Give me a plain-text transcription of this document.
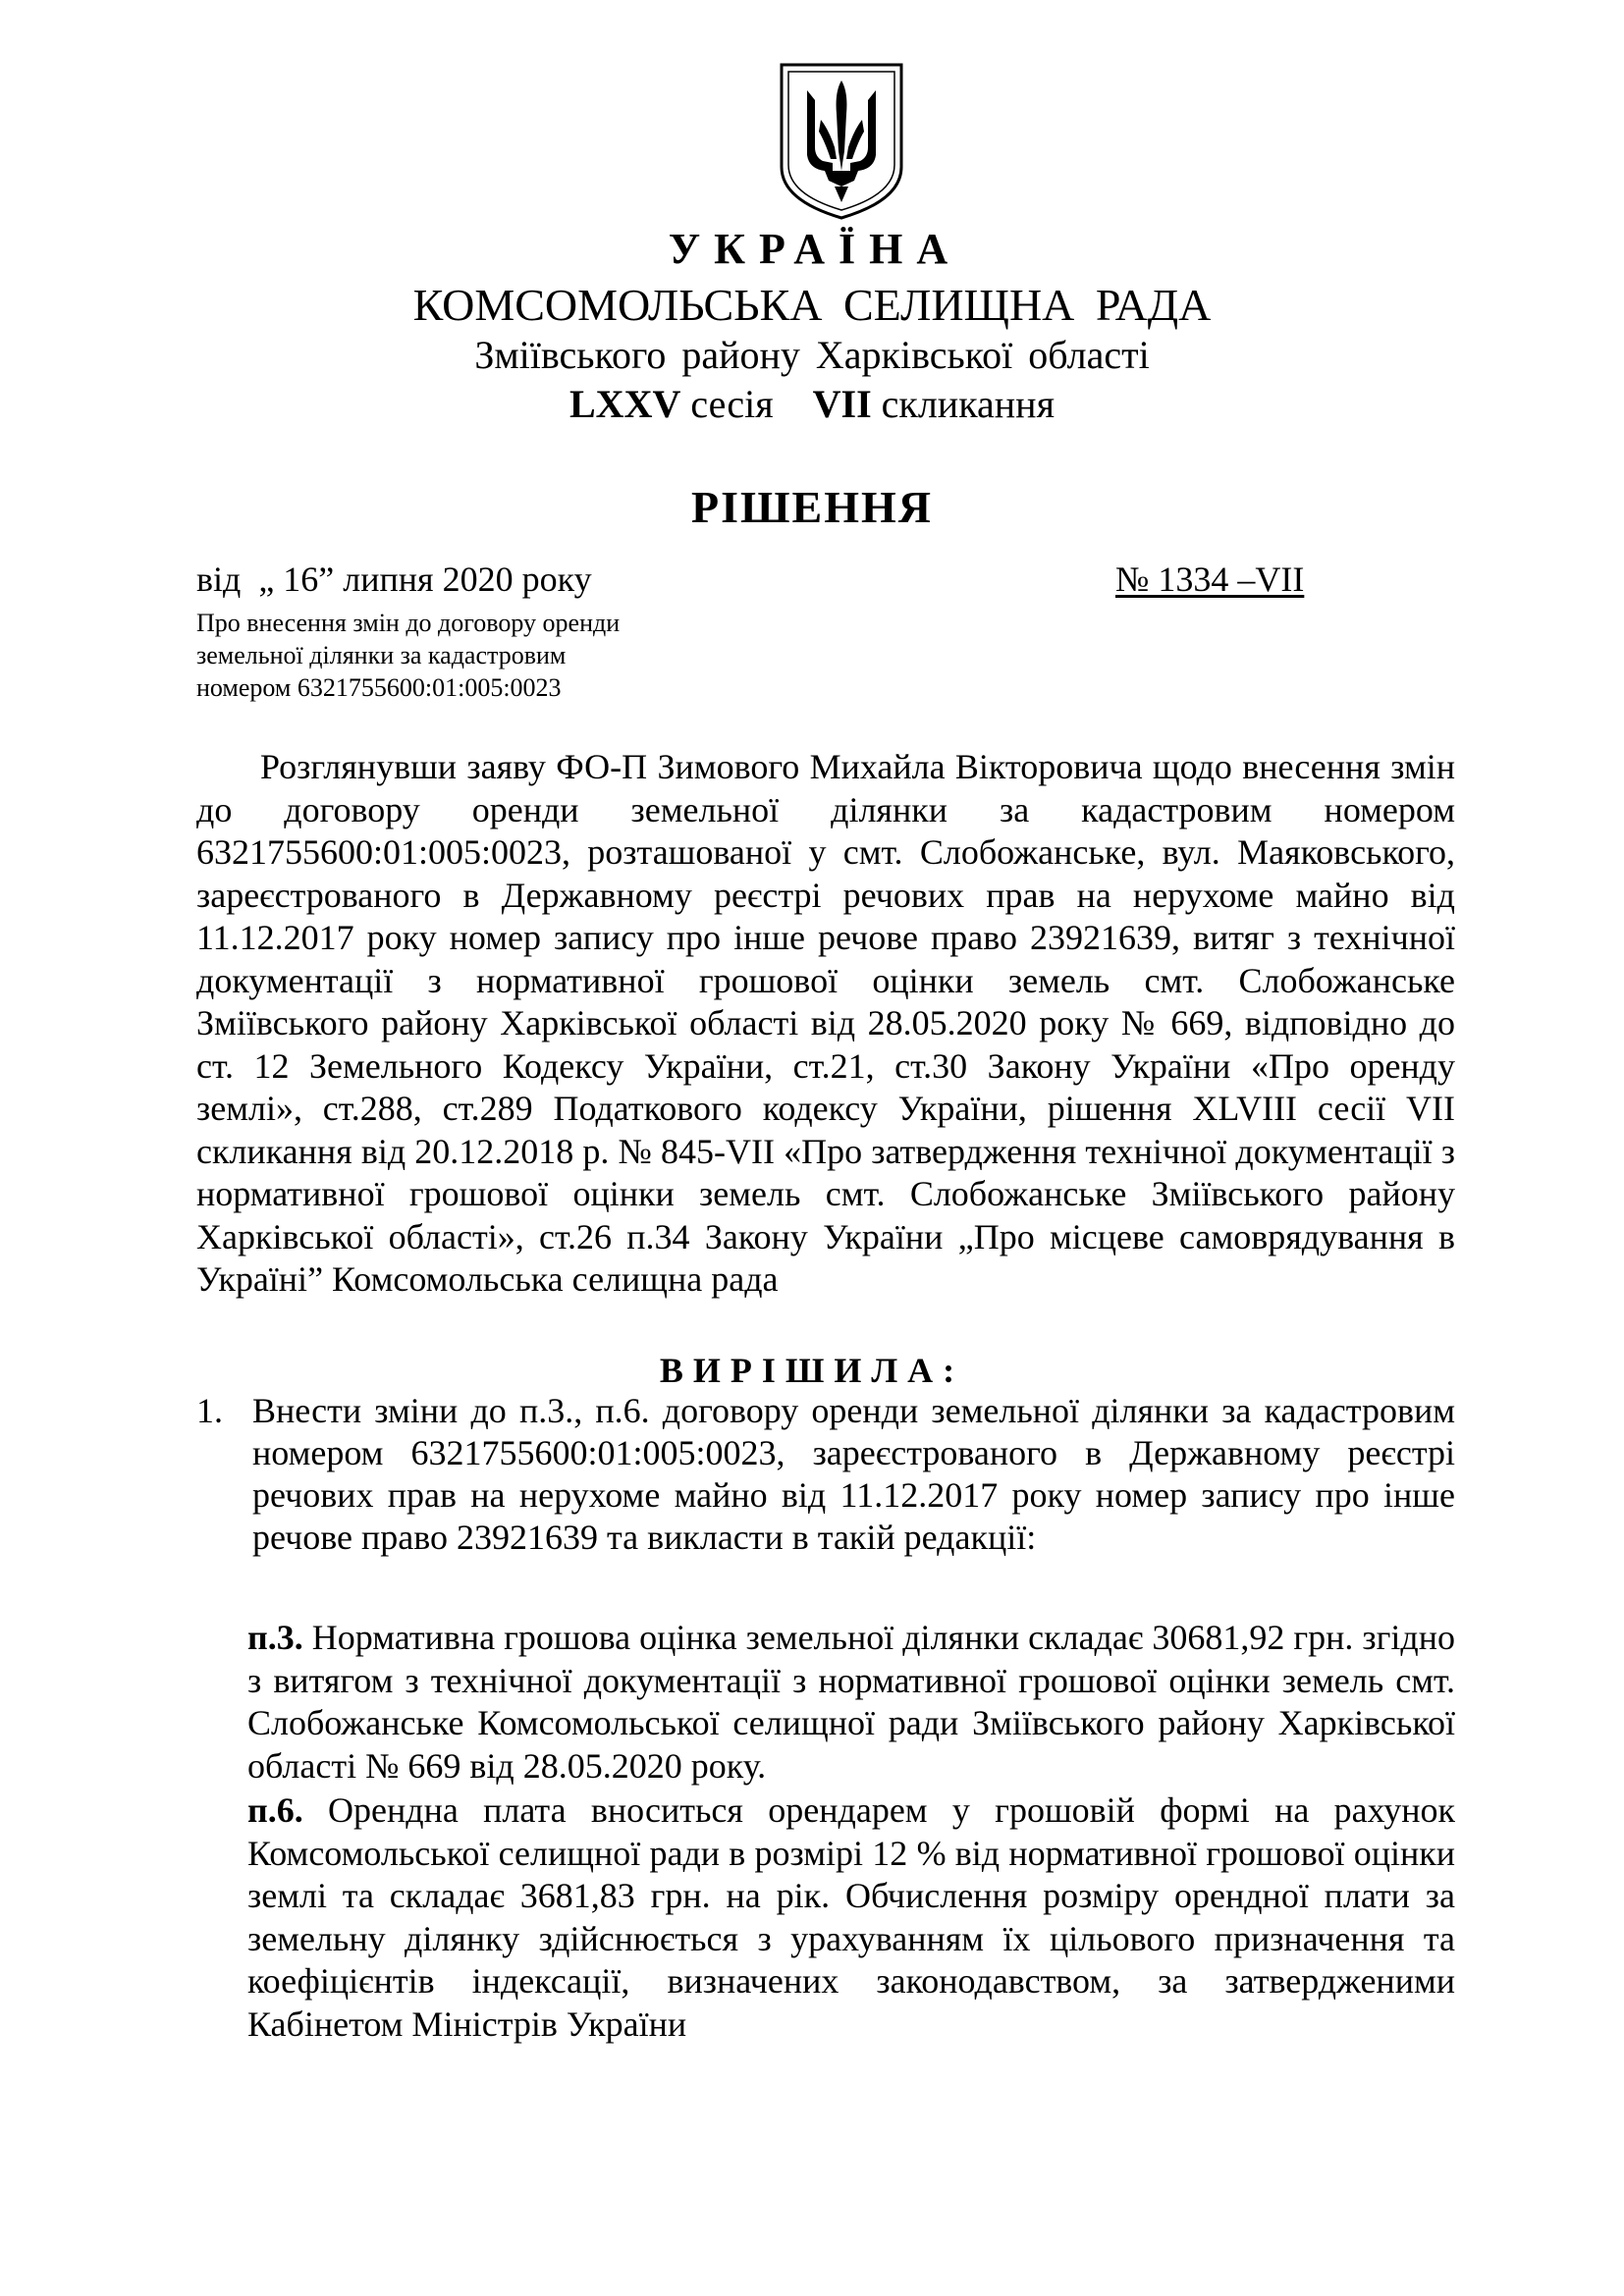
УКРАЇНА
КОМСОМОЛЬСЬКА СЕЛИЩНА РАДА
Зміївського району Харківської області
LXXV сесія    VII скликання
РІШЕННЯ
від  „ 16” липня 2020 року	№ 1334 –VII
Про внесення змін до договору оренди
земельної ділянки за кадастровим
номером 6321755600:01:005:0023
Розглянувши заяву ФО-П Зимового Михайла Вікторовича щодо внесення змін до договору оренди земельної ділянки за кадастровим номером 6321755600:01:005:0023, розташованої у смт. Слобожанське, вул. Маяковського, зареєстрованого в Державному реєстрі речових прав на нерухоме майно від 11.12.2017 року номер запису про інше речове право 23921639, витяг з технічної документації з нормативної грошової оцінки земель смт. Слобожанське Зміївського району Харківської області від 28.05.2020 року № 669, відповідно до ст. 12 Земельного Кодексу України, ст.21, ст.30 Закону України «Про оренду землі», ст.288, ст.289 Податкового кодексу України, рішення XLVIII сесії VII скликання від 20.12.2018 р. № 845-VII «Про затвердження технічної документації з нормативної грошової оцінки земель смт. Слобожанське Зміївського району Харківської області», ст.26 п.34 Закону України „Про місцеве самоврядування в Україні” Комсомольська селищна рада
ВИРІШИЛА:
1. Внести зміни до п.3., п.6. договору оренди земельної ділянки за кадастровим номером 6321755600:01:005:0023, зареєстрованого в Державному реєстрі речових прав на нерухоме майно від 11.12.2017 року номер запису про інше речове право 23921639 та викласти в такій редакції:
п.3. Нормативна грошова оцінка земельної ділянки складає 30681,92 грн. згідно з витягом з технічної документації з нормативної грошової оцінки земель смт. Слобожанське Комсомольської селищної ради Зміївського району Харківської області № 669 від 28.05.2020 року.
п.6. Орендна плата вноситься орендарем у грошовій формі на рахунок Комсомольської селищної ради в розмірі 12 % від нормативної грошової оцінки землі та складає 3681,83 грн. на рік. Обчислення розміру орендної плати за земельну ділянку здійснюється з урахуванням їх цільового призначення та коефіцієнтів індексації, визначених законодавством, за затвердженими Кабінетом Міністрів України
